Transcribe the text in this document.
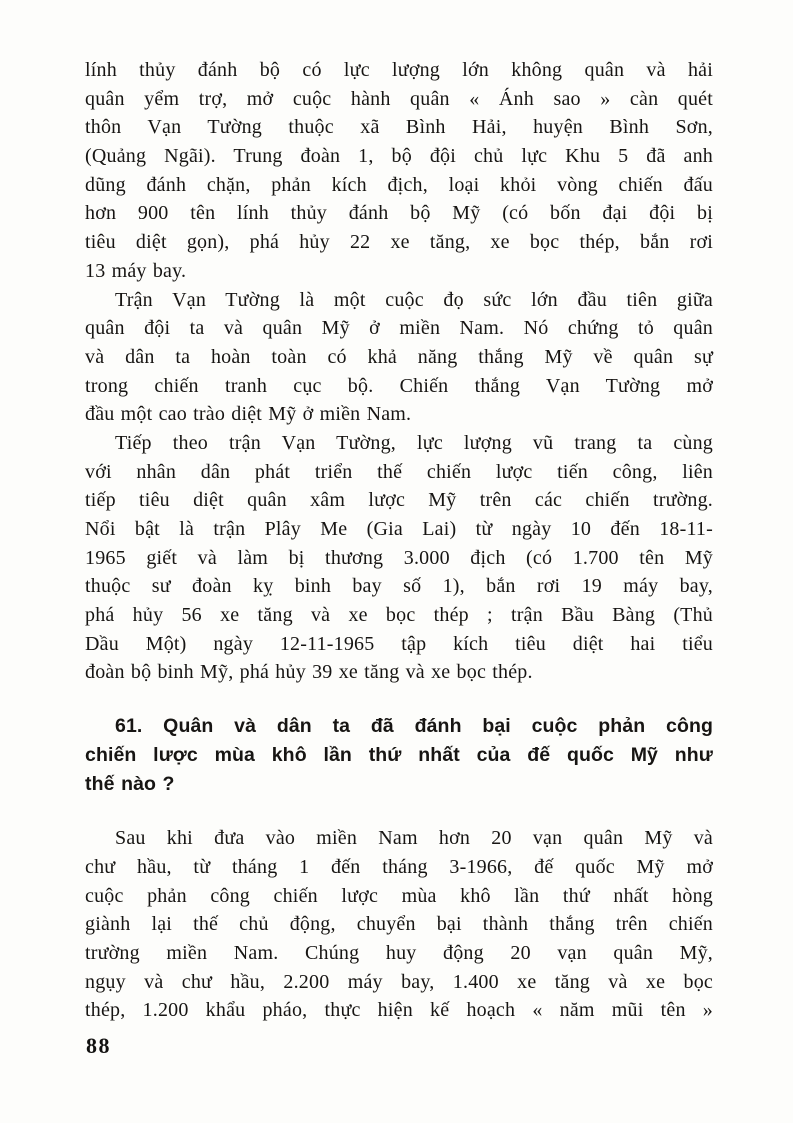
lính thủy đánh bộ có lực lượng lớn không quân và hải
quân yểm trợ, mở cuộc hành quân « Ánh sao » càn quét
thôn Vạn Tường thuộc xã Bình Hải, huyện Bình Sơn,
(Quảng Ngãi). Trung đoàn 1, bộ đội chủ lực Khu 5 đã anh
dũng đánh chặn, phản kích địch, loại khỏi vòng chiến đấu
hơn 900 tên lính thủy đánh bộ Mỹ (có bốn đại đội bị
tiêu diệt gọn), phá hủy 22 xe tăng, xe bọc thép, bắn rơi
13 máy bay.
Trận Vạn Tường là một cuộc đọ sức lớn đầu tiên giữa
quân đội ta và quân Mỹ ở miền Nam. Nó chứng tỏ quân
và dân ta hoàn toàn có khả năng thắng Mỹ về quân sự
trong chiến tranh cục bộ. Chiến thắng Vạn Tường mở
đầu một cao trào diệt Mỹ ở miền Nam.
Tiếp theo trận Vạn Tường, lực lượng vũ trang ta cùng
với nhân dân phát triển thế chiến lược tiến công, liên
tiếp tiêu diệt quân xâm lược Mỹ trên các chiến trường.
Nổi bật là trận Plây Me (Gia Lai) từ ngày 10 đến 18-11-
1965 giết và làm bị thương 3.000 địch (có 1.700 tên Mỹ
thuộc sư đoàn kỵ binh bay số 1), bắn rơi 19 máy bay,
phá hủy 56 xe tăng và xe bọc thép ; trận Bầu Bàng (Thủ
Dầu Một) ngày 12-11-1965 tập kích tiêu diệt hai tiểu
đoàn bộ binh Mỹ, phá hủy 39 xe tăng và xe bọc thép.
61. Quân và dân ta đã đánh bại cuộc phản công
chiến lược mùa khô lần thứ nhất của đế quốc Mỹ như
thế nào ?
Sau khi đưa vào miền Nam hơn 20 vạn quân Mỹ và
chư hầu, từ tháng 1 đến tháng 3-1966, đế quốc Mỹ mở
cuộc phản công chiến lược mùa khô lần thứ nhất hòng
giành lại thế chủ động, chuyển bại thành thắng trên chiến
trường miền Nam. Chúng huy động 20 vạn quân Mỹ,
ngụy và chư hầu, 2.200 máy bay, 1.400 xe tăng và xe bọc
thép, 1.200 khẩu pháo, thực hiện kế hoạch « năm mũi tên »
88
